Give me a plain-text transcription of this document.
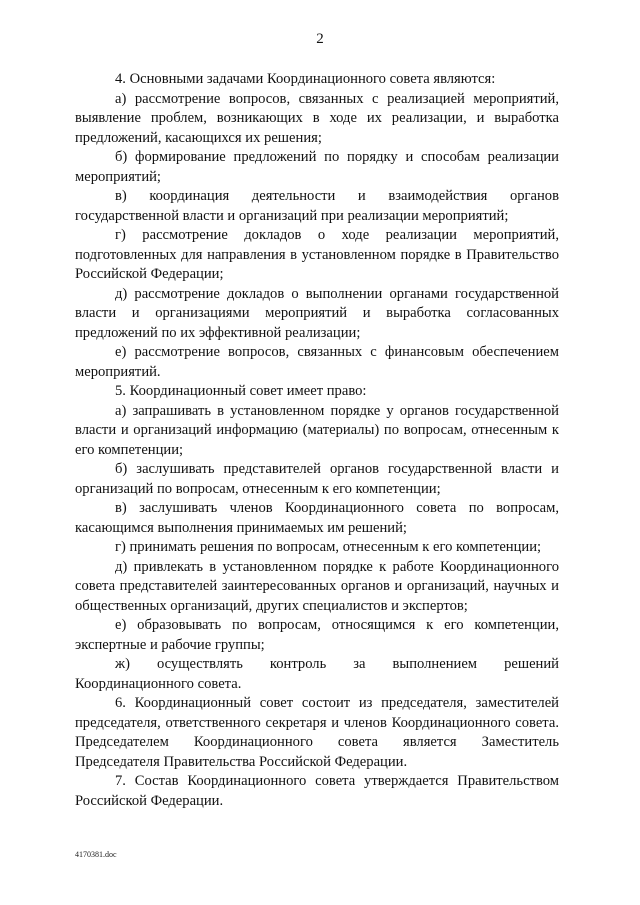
2

4. Основными задачами Координационного совета являются:

а) рассмотрение вопросов, связанных с реализацией мероприятий, выявление проблем, возникающих в ходе их реализации, и выработка предложений, касающихся их решения;

б) формирование предложений по порядку и способам реализации мероприятий;

в) координация деятельности и взаимодействия органов государственной власти и организаций при реализации мероприятий;

г) рассмотрение докладов о ходе реализации мероприятий, подготовленных для направления в установленном порядке в Правительство Российской Федерации;

д) рассмотрение докладов о выполнении органами государственной власти и организациями мероприятий и выработка согласованных предложений по их эффективной реализации;

е) рассмотрение вопросов, связанных с финансовым обеспечением мероприятий.

5. Координационный совет имеет право:

а) запрашивать в установленном порядке у органов государственной власти и организаций информацию (материалы) по вопросам, отнесенным к его компетенции;

б) заслушивать представителей органов государственной власти и организаций по вопросам, отнесенным к его компетенции;

в) заслушивать членов Координационного совета по вопросам, касающимся выполнения принимаемых им решений;

г) принимать решения по вопросам, отнесенным к его компетенции;

д) привлекать в установленном порядке к работе Координационного совета представителей заинтересованных органов и организаций, научных и общественных организаций, других специалистов и экспертов;

е) образовывать по вопросам, относящимся к его компетенции, экспертные и рабочие группы;

ж) осуществлять контроль за выполнением решений Координационного совета.

6. Координационный совет состоит из председателя, заместителей председателя, ответственного секретаря и членов Координационного совета. Председателем Координационного совета является Заместитель Председателя Правительства Российской Федерации.

7. Состав Координационного совета утверждается Правительством Российской Федерации.

4170381.doc
